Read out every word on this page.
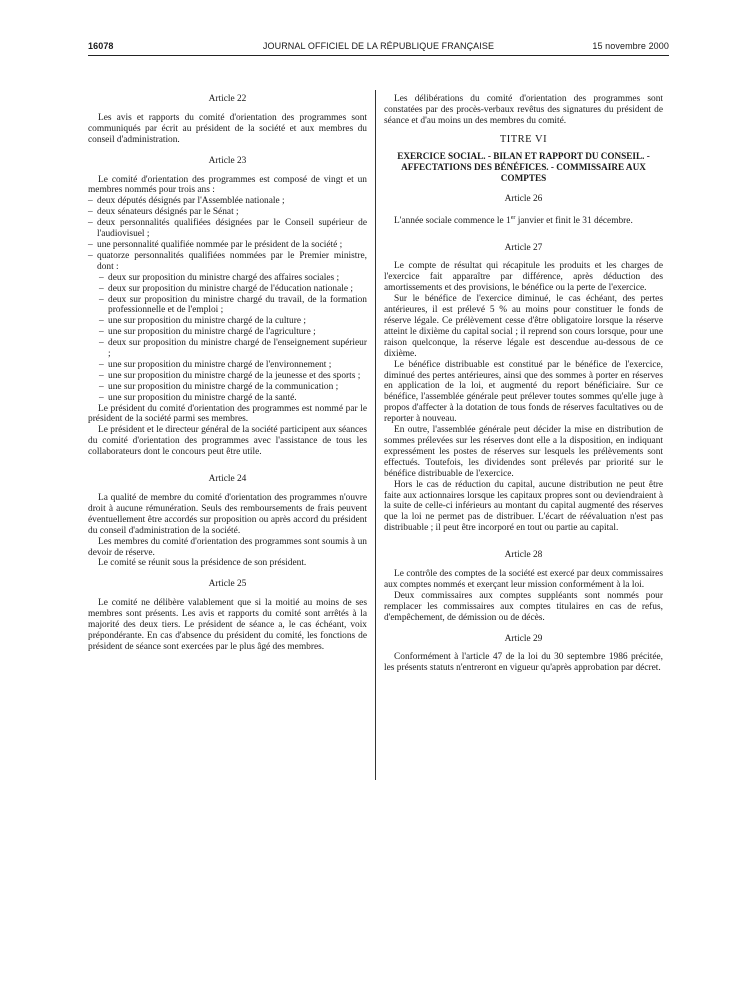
16078	JOURNAL OFFICIEL DE LA RÉPUBLIQUE FRANÇAISE	15 novembre 2000
Article 22
Les avis et rapports du comité d'orientation des programmes sont communiqués par écrit au président de la société et aux membres du conseil d'administration.
Article 23
Le comité d'orientation des programmes est composé de vingt et un membres nommés pour trois ans :
– deux députés désignés par l'Assemblée nationale ;
– deux sénateurs désignés par le Sénat ;
– deux personnalités qualifiées désignées par le Conseil supérieur de l'audiovisuel ;
– une personnalité qualifiée nommée par le président de la société ;
– quatorze personnalités qualifiées nommées par le Premier ministre, dont :
– deux sur proposition du ministre chargé des affaires sociales ;
– deux sur proposition du ministre chargé de l'éducation nationale ;
– deux sur proposition du ministre chargé du travail, de la formation professionnelle et de l'emploi ;
– une sur proposition du ministre chargé de la culture ;
– une sur proposition du ministre chargé de l'agriculture ;
– deux sur proposition du ministre chargé de l'enseignement supérieur ;
– une sur proposition du ministre chargé de l'environnement ;
– une sur proposition du ministre chargé de la jeunesse et des sports ;
– une sur proposition du ministre chargé de la communication ;
– une sur proposition du ministre chargé de la santé.
Le président du comité d'orientation des programmes est nommé par le président de la société parmi ses membres.
Le président et le directeur général de la société participent aux séances du comité d'orientation des programmes avec l'assistance de tous les collaborateurs dont le concours peut être utile.
Article 24
La qualité de membre du comité d'orientation des programmes n'ouvre droit à aucune rémunération. Seuls des remboursements de frais peuvent éventuellement être accordés sur proposition ou après accord du président du conseil d'administration de la société.
Les membres du comité d'orientation des programmes sont soumis à un devoir de réserve.
Le comité se réunit sous la présidence de son président.
Article 25
Le comité ne délibère valablement que si la moitié au moins de ses membres sont présents. Les avis et rapports du comité sont arrêtés à la majorité des deux tiers. Le président de séance a, le cas échéant, voix prépondérante. En cas d'absence du président du comité, les fonctions de président de séance sont exercées par le plus âgé des membres.
Les délibérations du comité d'orientation des programmes sont constatées par des procès-verbaux revêtus des signatures du président de séance et d'au moins un des membres du comité.
TITRE VI
EXERCICE SOCIAL. - BILAN ET RAPPORT DU CONSEIL. - AFFECTATIONS DES BÉNÉFICES. - COMMISSAIRE AUX COMPTES
Article 26
L'année sociale commence le 1er janvier et finit le 31 décembre.
Article 27
Le compte de résultat qui récapitule les produits et les charges de l'exercice fait apparaître par différence, après déduction des amortissements et des provisions, le bénéfice ou la perte de l'exercice.
Sur le bénéfice de l'exercice diminué, le cas échéant, des pertes antérieures, il est prélevé 5 % au moins pour constituer le fonds de réserve légale. Ce prélèvement cesse d'être obligatoire lorsque la réserve atteint le dixième du capital social ; il reprend son cours lorsque, pour une raison quelconque, la réserve légale est descendue au-dessous de ce dixième.
Le bénéfice distribuable est constitué par le bénéfice de l'exercice, diminué des pertes antérieures, ainsi que des sommes à porter en réserves en application de la loi, et augmenté du report bénéficiaire. Sur ce bénéfice, l'assemblée générale peut prélever toutes sommes qu'elle juge à propos d'affecter à la dotation de tous fonds de réserves facultatives ou de reporter à nouveau.
En outre, l'assemblée générale peut décider la mise en distribution de sommes prélevées sur les réserves dont elle a la disposition, en indiquant expressément les postes de réserves sur lesquels les prélèvements sont effectués. Toutefois, les dividendes sont prélevés par priorité sur le bénéfice distribuable de l'exercice.
Hors le cas de réduction du capital, aucune distribution ne peut être faite aux actionnaires lorsque les capitaux propres sont ou deviendraient à la suite de celle-ci inférieurs au montant du capital augmenté des réserves que la loi ne permet pas de distribuer. L'écart de réévaluation n'est pas distribuable ; il peut être incorporé en tout ou partie au capital.
Article 28
Le contrôle des comptes de la société est exercé par deux commissaires aux comptes nommés et exerçant leur mission conformément à la loi.
Deux commissaires aux comptes suppléants sont nommés pour remplacer les commissaires aux comptes titulaires en cas de refus, d'empêchement, de démission ou de décès.
Article 29
Conformément à l'article 47 de la loi du 30 septembre 1986 précitée, les présents statuts n'entreront en vigueur qu'après approbation par décret.
